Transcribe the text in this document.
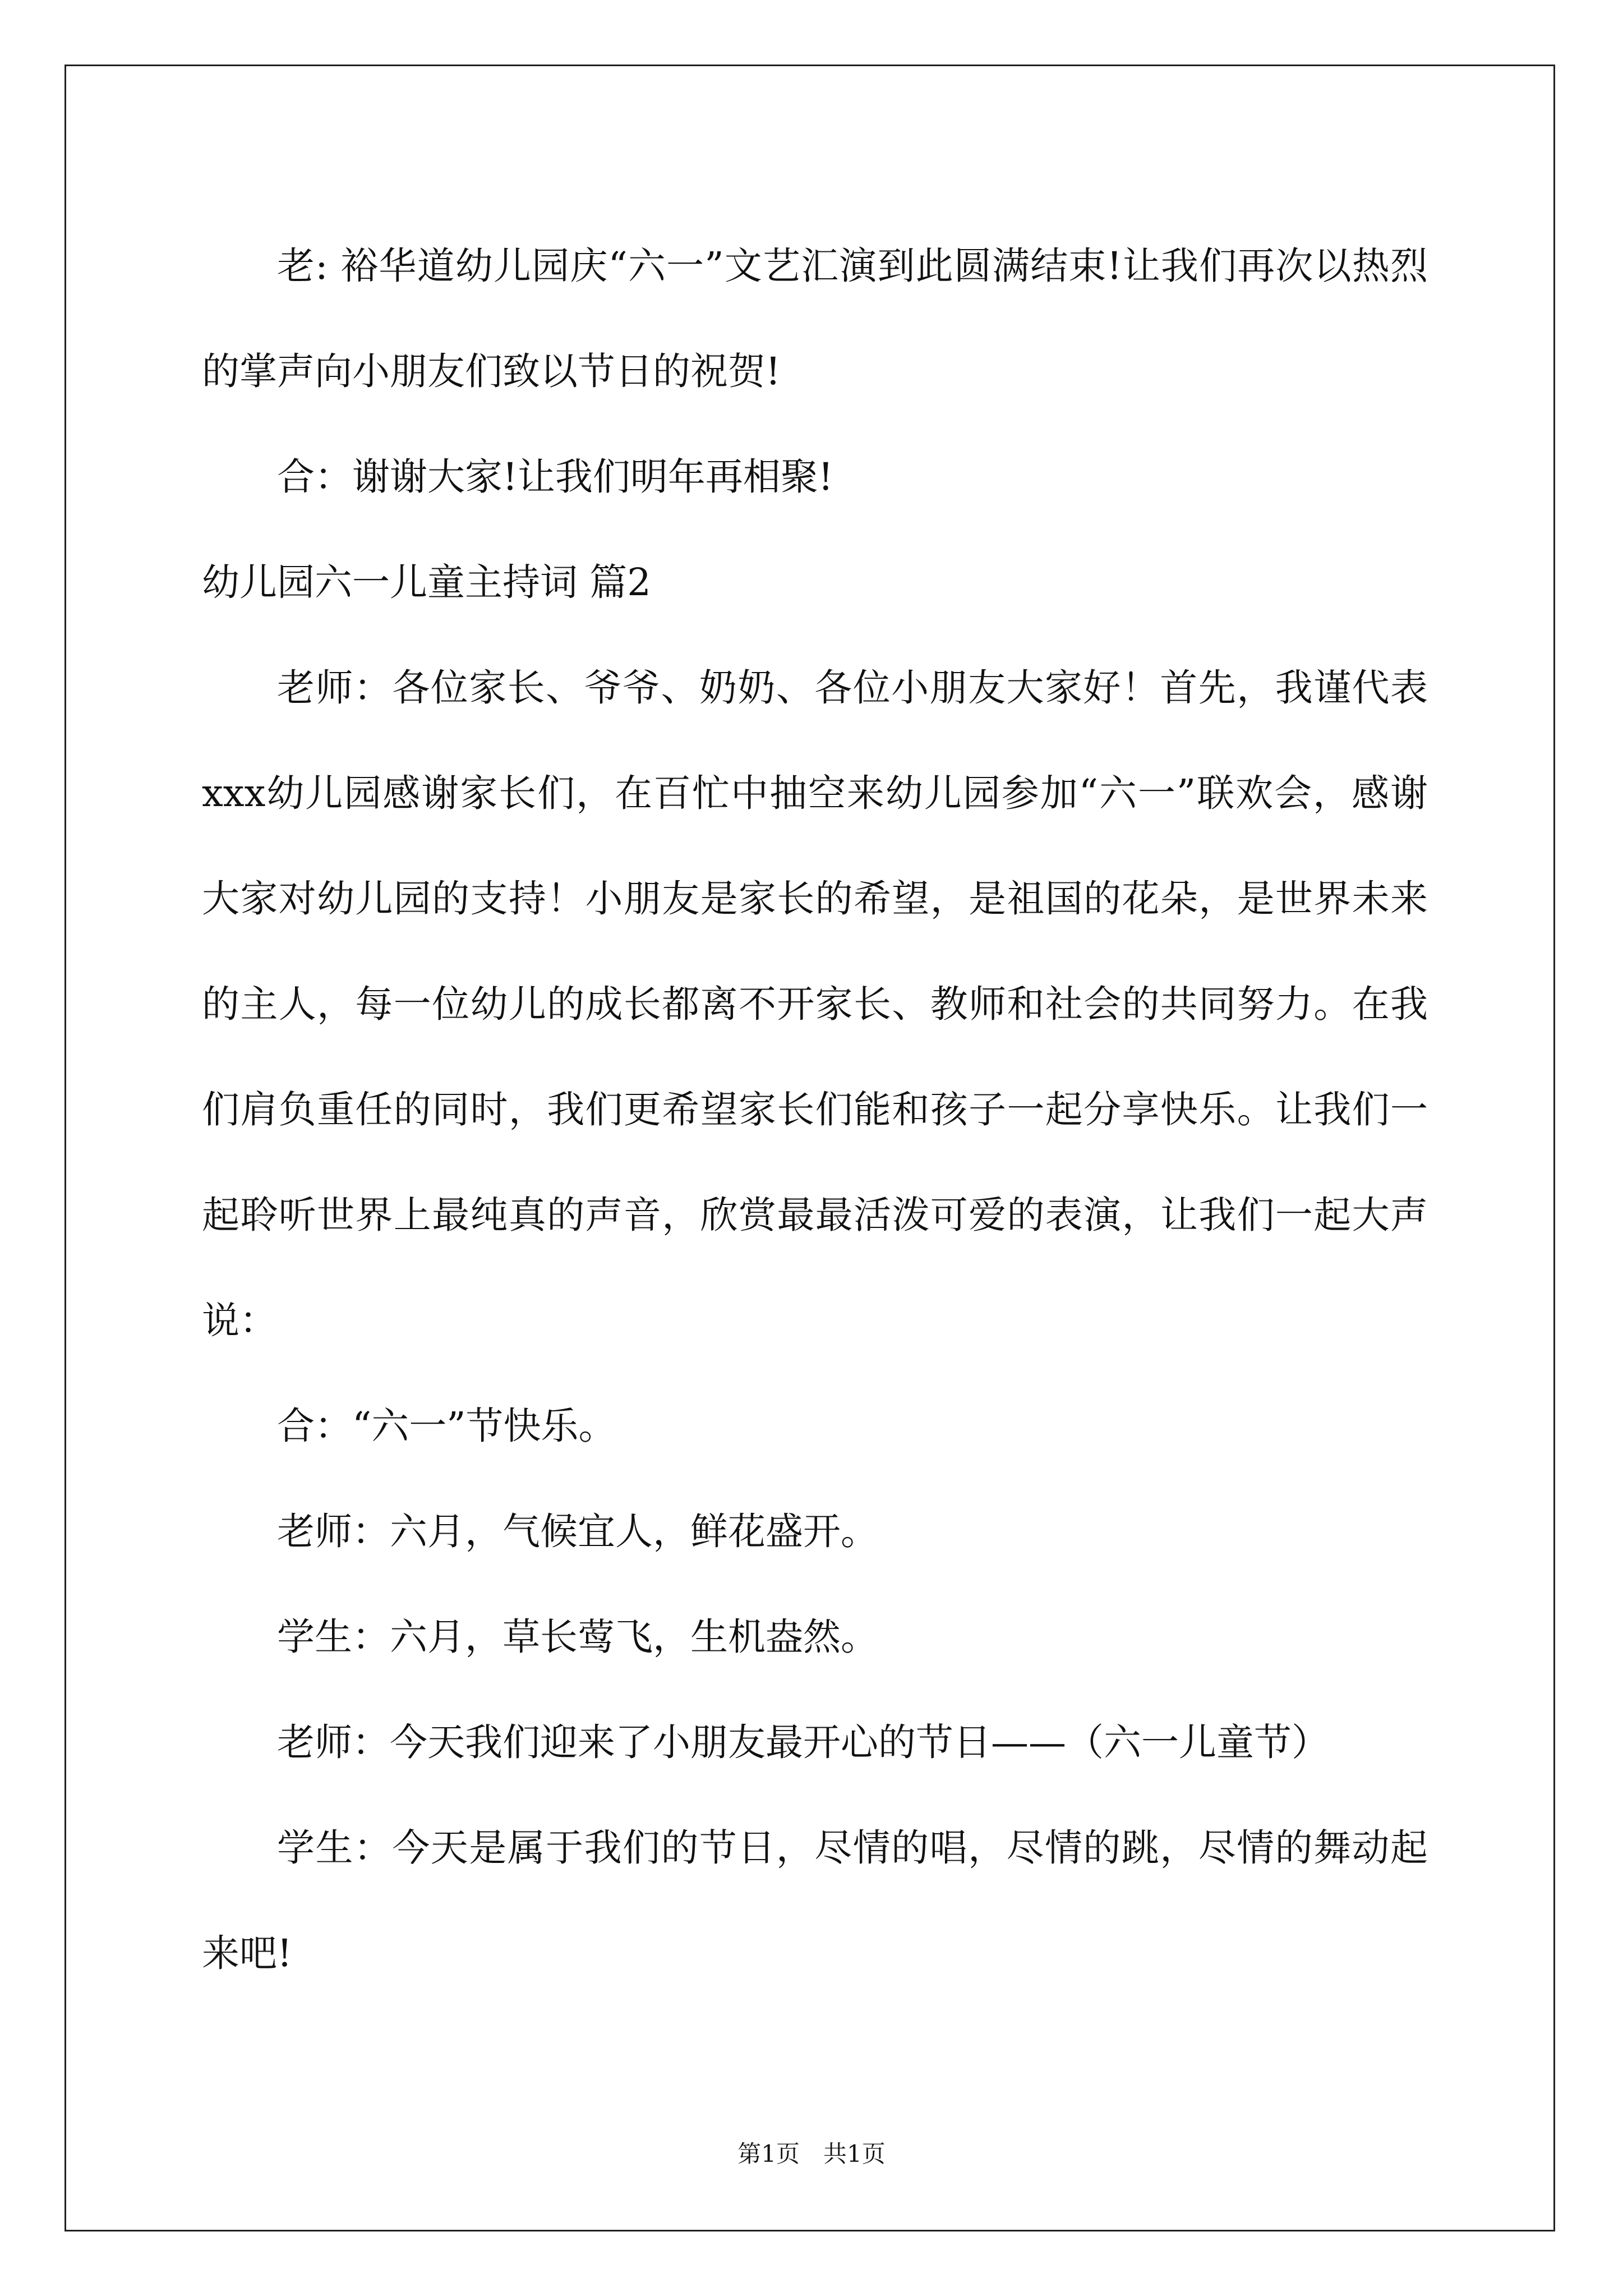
老: 裕华道幼儿园庆“六一”文艺汇演到此圆满结束!让我们再次以热烈的掌声向小朋友们致以节日的祝贺!

合：谢谢大家!让我们明年再相聚!

幼儿园六一儿童主持词 篇2

老师：各位家长、爷爷、奶奶、各位小朋友大家好！首先，我谨代表xxx幼儿园感谢家长们，在百忙中抽空来幼儿园参加“六一”联欢会，感谢大家对幼儿园的支持！小朋友是家长的希望，是祖国的花朵，是世界未来的主人，每一位幼儿的成长都离不开家长、教师和社会的共同努力。在我们肩负重任的同时，我们更希望家长们能和孩子一起分享快乐。让我们一起聆听世界上最纯真的声音，欣赏最最活泼可爱的表演，让我们一起大声说：

合：“六一”节快乐。

老师：六月，气候宜人，鲜花盛开。

学生：六月，草长莺飞，生机盎然。

老师：今天我们迎来了小朋友最开心的节日——（六一儿童节）

学生：今天是属于我们的节日，尽情的唱，尽情的跳，尽情的舞动起来吧!

第1页　共1页
